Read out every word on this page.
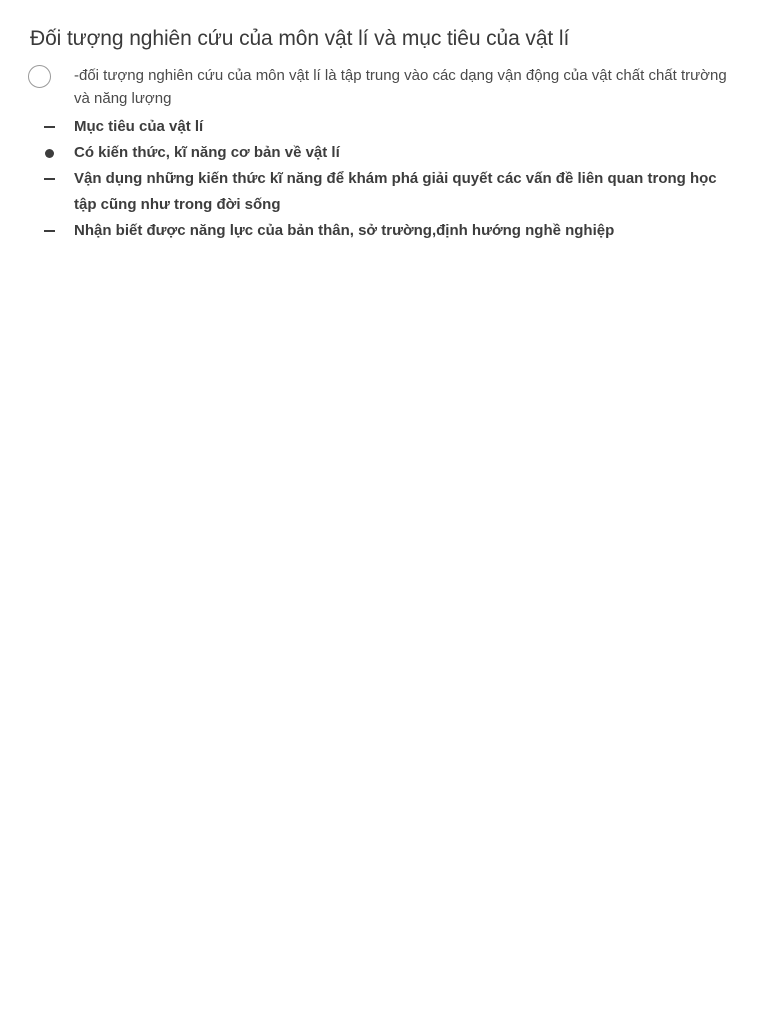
Đối tượng nghiên cứu của môn vật lí và mục tiêu của vật lí
-đối tượng nghiên cứu của môn vật lí là tập trung vào các dạng vận động của vật chất chất trường và năng lượng
Mục tiêu của vật lí
Có kiến thức, kĩ năng cơ bản về vật lí
Vận dụng những kiến thức kĩ năng để khám phá giải quyết các vấn đề liên quan trong học tập cũng như trong đời sống
Nhận biết được năng lực của bản thân, sở trường,định hướng nghề nghiệp
